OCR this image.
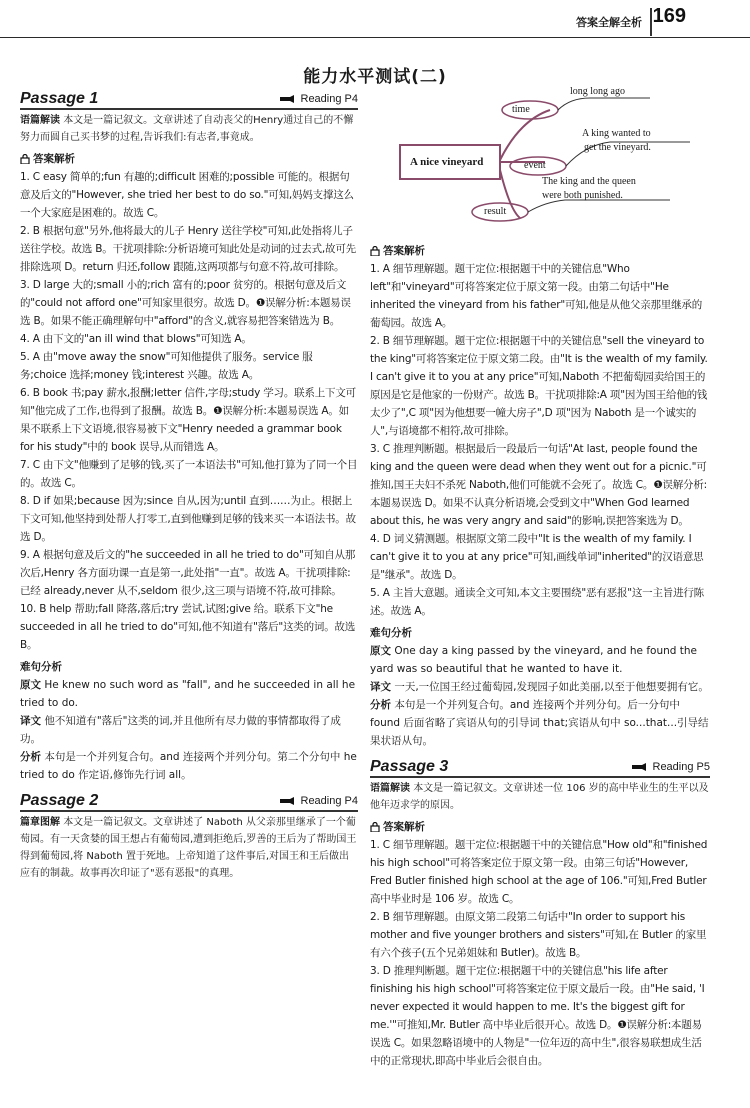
答案全解全析 169
能力水平测试(二)
Passage 1	Reading P4

语篇解读 本文是一篇记叙文。文章讲述了自动丧父的Henry通过自己的不懈努力而圆自己买书梦的过程,告诉我们:有志者,事竟成。

答案解析

1. C easy 简单的;fun 有趣的;difficult 困难的;possible 可能的。根据句意及后文的"However, she tried her best to do so."可知,妈妈支撑这么一个大家庭是困难的。故选 C。

2. B 根据句意"另外,他将最大的儿子 Henry 送往学校"可知,此处指将儿子送往学校。故选 B。干扰项排除:分析语境可知此处是动词的过去式,故可先排除选项 D。return 归还,follow 跟随,这两项都与句意不符,故可排除。

3. D large 大的;small 小的;rich 富有的;poor 贫穷的。根据句意及后文的"could not afford one"可知家里很穷。故选 D。❶误解分析:本题易误选 B。如果不能正确理解句中"afford"的含义,就容易把答案错选为 B。

4. A 由下文的"an ill wind that blows"可知选 A。

5. A 由"move away the snow"可知他提供了服务。service 服务;choice 选择;money 钱;interest 兴趣。故选 A。

6. B book 书;pay 薪水,报酬;letter 信件,字母;study 学习。联系上下文可知"他完成了工作,也得到了报酬。故选 B。❶误解分析:本题易误选 A。如果不联系上下文语境,很容易被下文"Henry needed a grammar book for his study"中的 book 误导,从而错选 A。

7. C 由下文"他赚到了足够的钱,买了一本语法书"可知,他打算为了同一个目的。故选 C。

8. D if 如果;because 因为;since 自从,因为;until 直到……为止。根据上下文可知,他坚持到处帮人打零工,直到他赚到足够的钱来买一本语法书。故选 D。

9. A 根据句意及后文的"he succeeded in all he tried to do"可知自从那次后,Henry 各方面功课一直是第一,此处指"一直"。故选 A。干扰项排除:已经 already,never 从不,seldom 很少,这三项与语境不符,故可排除。

10. B help 帮助;fall 降落,落后;try 尝试,试图;give 给。联系下文"he succeeded in all he tried to do"可知,他不知道有"落后"这类的词。故选 B。

难句分析

原文 He knew no such word as "fall", and he succeeded in all he tried to do.

译文 他不知道有"落后"这类的词,并且他所有尽力做的事情都取得了成功。

分析 本句是一个并列复合句。and 连接两个并列分句。第二个分句中 he tried to do 作定语,修饰先行词 all。

Passage 2	Reading P4

篇章图解 本文是一篇记叙文。文章讲述了 Naboth 从父亲那里继承了一个葡萄园。有一天贪婪的国王想占有葡萄园,遭到拒绝后,罗善的王后为了帮助国王得到葡萄园,将 Naboth 置于死地。上帝知道了这件事后,对国王和王后做出应有的制裁。故事再次印证了"恶有恶报"的真理。

A nice vineyard
time
event
result
long long ago
A king wanted to
get the vineyard.
The king and the queen
were both punished.
答案解析

1. A 细节理解题。题干定位:根据题干中的关键信息"Who left"和"vineyard"可将答案定位于原文第一段。由第二句话中"He inherited the vineyard from his father"可知,他是从他父亲那里继承的葡萄园。故选 A。

2. B 细节理解题。题干定位:根据题干中的关键信息"sell the vineyard to the king"可将答案定位于原文第二段。由"It is the wealth of my family. I can't give it to you at any price"可知,Naboth 不把葡萄园卖给国王的原因是它是他家的一份财产。故选 B。干扰项排除:A 项"因为国王给他的钱太少了",C 项"因为他想要一幢大房子",D 项"因为 Naboth 是一个诚实的人",与语境都不相符,故可排除。

3. C 推理判断题。根据最后一段最后一句话"At last, people found the king and the queen were dead when they went out for a picnic."可推知,国王夫妇不杀死 Naboth,他们可能就不会死了。故选 C。❶误解分析:本题易误选 D。如果不认真分析语境,会受到文中"When God learned about this, he was very angry and said"的影响,误把答案选为 D。

4. D 词义猜测题。根据原文第二段中"It is the wealth of my family. I can't give it to you at any price"可知,画线单词"inherited"的汉语意思是"继承"。故选 D。

5. A 主旨大意题。通读全文可知,本文主要围绕"恶有恶报"这一主旨进行陈述。故选 A。

难句分析

原文 One day a king passed by the vineyard, and he found the yard was so beautiful that he wanted to have it.

译文 一天,一位国王经过葡萄园,发现园子如此美丽,以至于他想要拥有它。

分析 本句是一个并列复合句。and 连接两个并列分句。后一分句中 found 后面省略了宾语从句的引导词 that;宾语从句中 so...that...引导结果状语从句。

Passage 3	Reading P5

语篇解读 本文是一篇记叙文。文章讲述一位 106 岁的高中毕业生的生平以及他年迈求学的原因。

答案解析

1. C 细节理解题。题干定位:根据题干中的关键信息"How old"和"finished his high school"可将答案定位于原文第一段。由第三句话"However, Fred Butler finished high school at the age of 106."可知,Fred Butler 高中毕业时是 106 岁。故选 C。

2. B 细节理解题。由原文第二段第二句话中"In order to support his mother and five younger brothers and sisters"可知,在 Butler 的家里有六个孩子(五个兄弟姐妹和 Butler)。故选 B。

3. D 推理判断题。题干定位:根据题干中的关键信息"his life after finishing his high school"可将答案定位于原文最后一段。由"He said, 'I never expected it would happen to me. It's the biggest gift for me.'"可推知,Mr. Butler 高中毕业后很开心。故选 D。❶误解分析:本题易误选 C。如果忽略语境中的人物是"一位年迈的高中生",很容易联想成生活中的正常现状,即高中毕业后会很自由。
